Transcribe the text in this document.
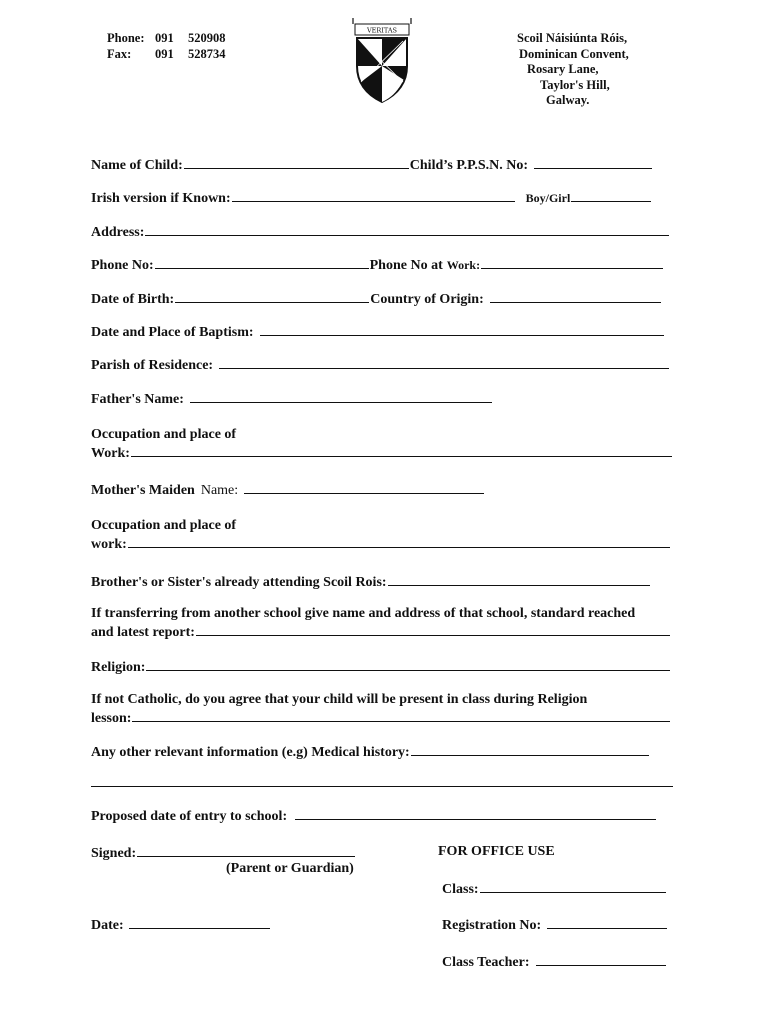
Phone: 091	520908
Fax:	091	528734
VERITAS
Scoil Náisiúnta Róis,
Dominican Convent,
Rosary Lane,
Taylor's Hill,
Galway.
Name of Child:	Child’s P.P.S.N. No:
Irish version if Known:	Boy/Girl
Address:
Phone No:	Phone No at Work:
Date of Birth:	Country of Origin:
Date and Place of Baptism:
Parish of Residence:
Father's Name:
Occupation and place of
Work:
Mother's Maiden Name:
Occupation and place of
work:
Brother's or Sister's already attending Scoil Rois:
If transferring from another school give name and address of that school, standard reached
and latest report:
Religion:
If not Catholic, do you agree that your child will be present in class during Religion
lesson:
Any other relevant information (e.g) Medical history:
Proposed date of entry to school:
Signed:
(Parent or Guardian)
Date:
FOR OFFICE USE
Class:
Registration No:
Class Teacher:
